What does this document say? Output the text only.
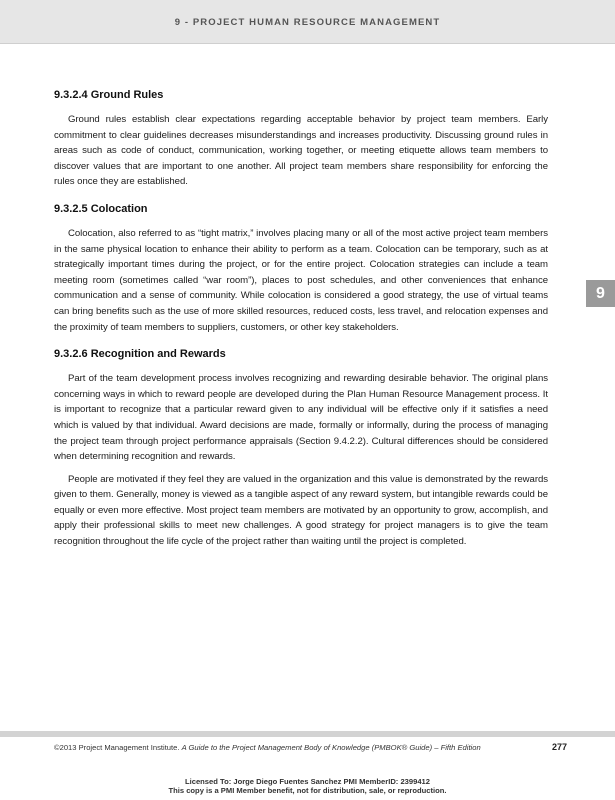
9 - PROJECT HUMAN RESOURCE MANAGEMENT
9.3.2.4 Ground Rules

Ground rules establish clear expectations regarding acceptable behavior by project team members. Early commitment to clear guidelines decreases misunderstandings and increases productivity. Discussing ground rules in areas such as code of conduct, communication, working together, or meeting etiquette allows team members to discover values that are important to one another. All project team members share responsibility for enforcing the rules once they are established.

9.3.2.5 Colocation

Colocation, also referred to as “tight matrix,” involves placing many or all of the most active project team members in the same physical location to enhance their ability to perform as a team. Colocation can be temporary, such as at strategically important times during the project, or for the entire project. Colocation strategies can include a team meeting room (sometimes called “war room”), places to post schedules, and other conveniences that enhance communication and a sense of community. While colocation is considered a good strategy, the use of virtual teams can bring benefits such as the use of more skilled resources, reduced costs, less travel, and relocation expenses and the proximity of team members to suppliers, customers, or other key stakeholders.

9.3.2.6 Recognition and Rewards

Part of the team development process involves recognizing and rewarding desirable behavior. The original plans concerning ways in which to reward people are developed during the Plan Human Resource Management process. It is important to recognize that a particular reward given to any individual will be effective only if it satisfies a need which is valued by that individual. Award decisions are made, formally or informally, during the process of managing the project team through project performance appraisals (Section 9.4.2.2). Cultural differences should be considered when determining recognition and rewards.

People are motivated if they feel they are valued in the organization and this value is demonstrated by the rewards given to them. Generally, money is viewed as a tangible aspect of any reward system, but intangible rewards could be equally or even more effective. Most project team members are motivated by an opportunity to grow, accomplish, and apply their professional skills to meet new challenges. A good strategy for project managers is to give the team recognition throughout the life cycle of the project rather than waiting until the project is completed.

9
©2013 Project Management Institute. A Guide to the Project Management Body of Knowledge (PMBOK® Guide) – Fifth Edition	277
Licensed To: Jorge Diego Fuentes Sanchez PMI MemberID: 2399412
This copy is a PMI Member benefit, not for distribution, sale, or reproduction.
